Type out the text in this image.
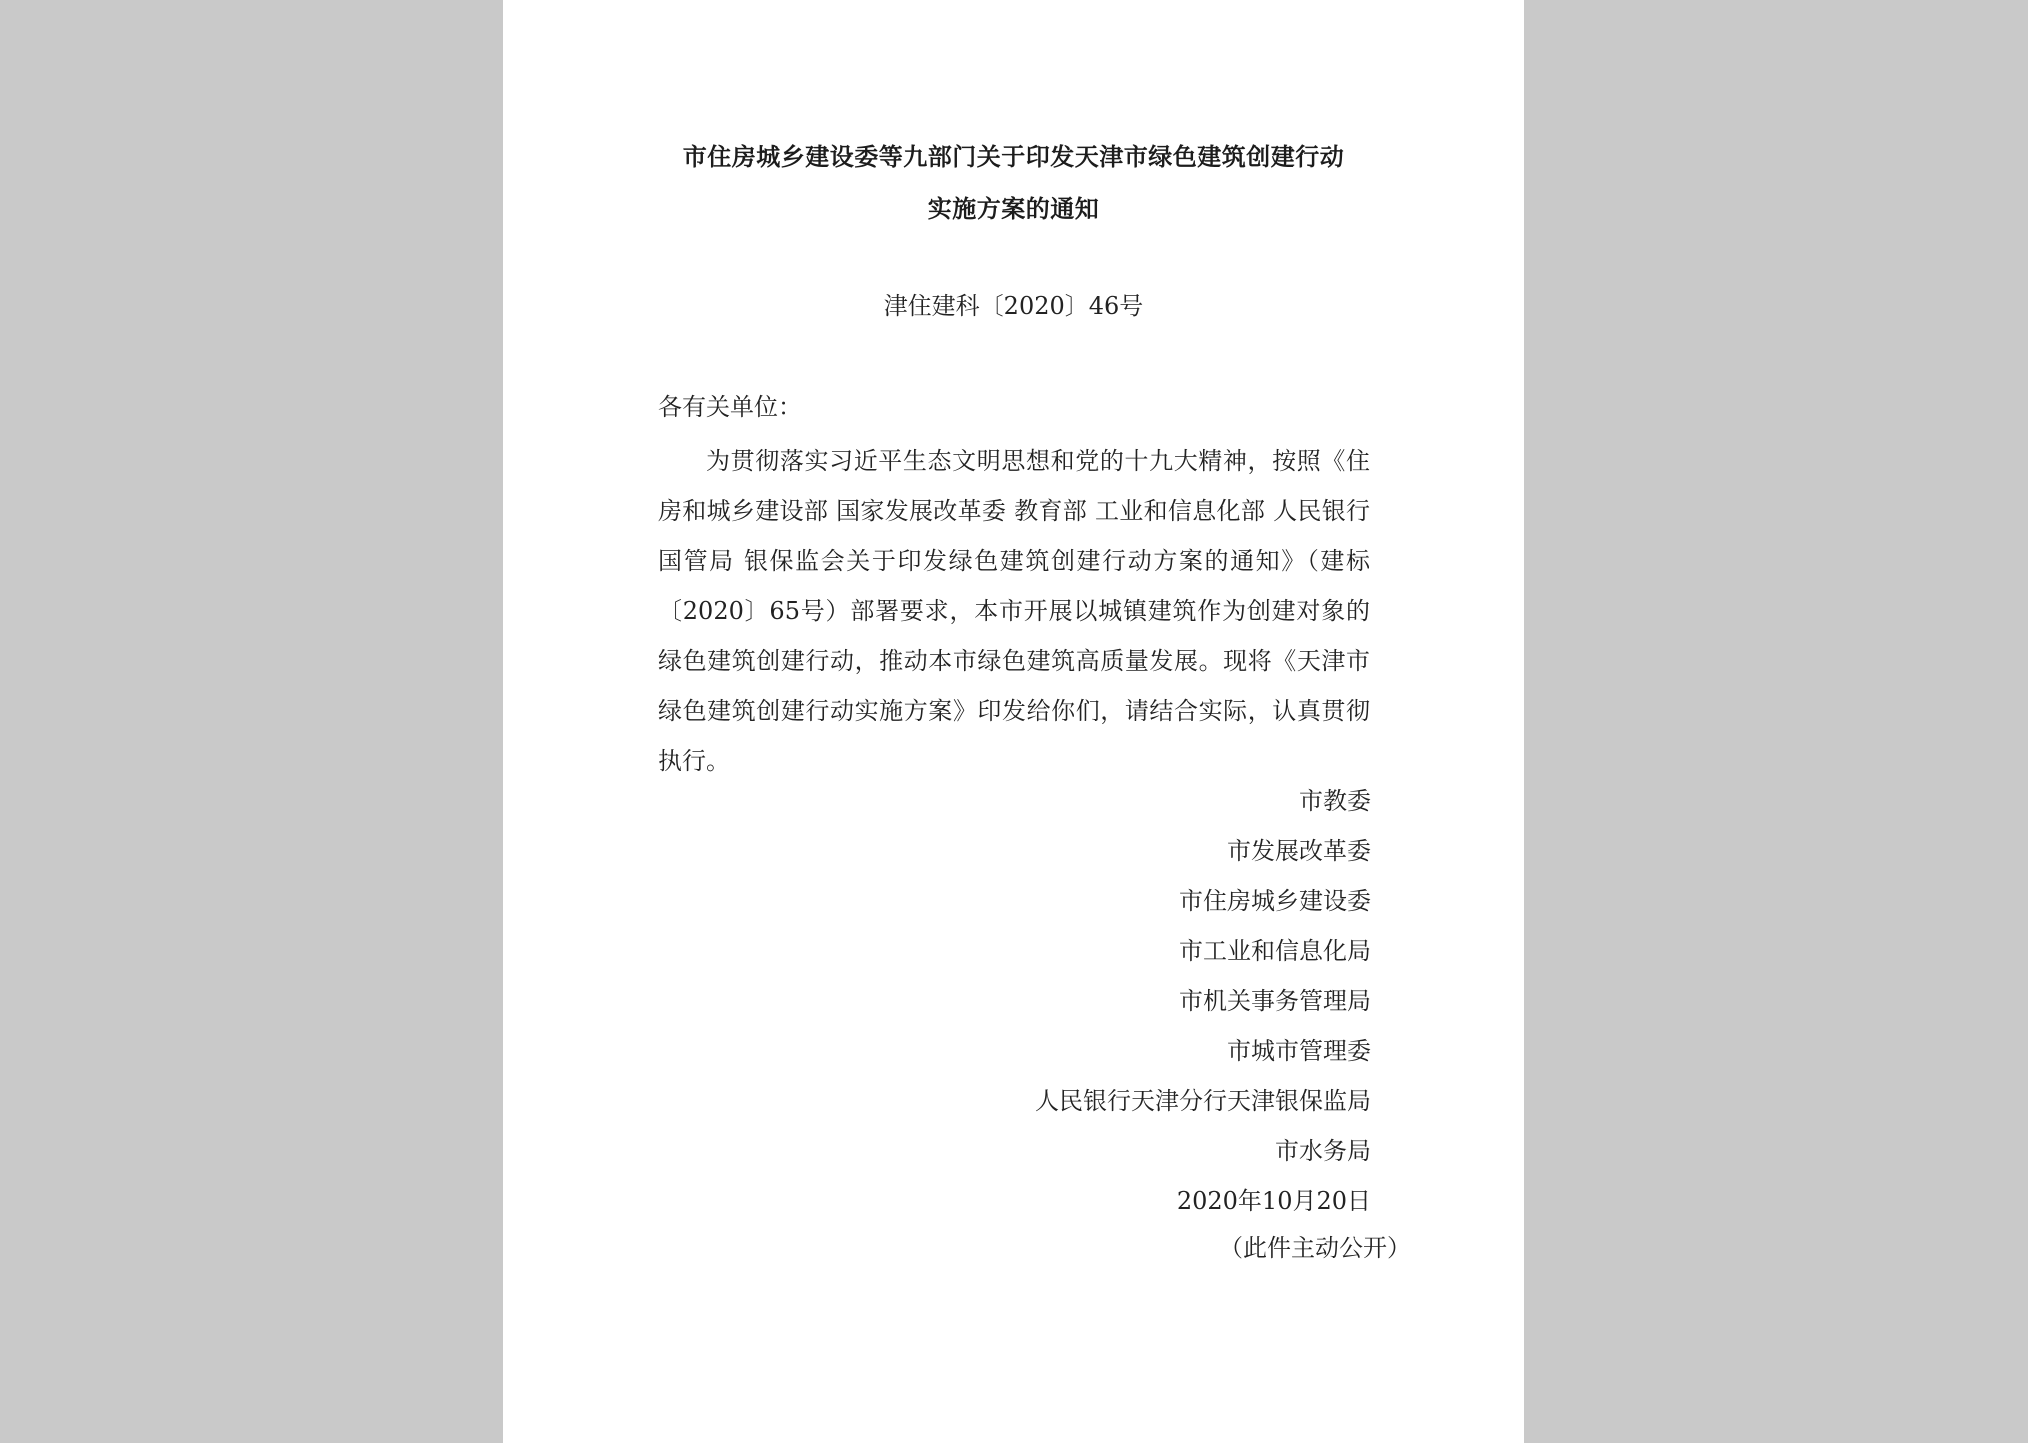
市住房城乡建设委等九部门关于印发天津市绿色建筑创建行动
实施方案的通知
津住建科〔2020〕46号
各有关单位：

为贯彻落实习近平生态文明思想和党的十九大精神，按照《住房和城乡建设部 国家发展改革委 教育部 工业和信息化部 人民银行 国管局 银保监会关于印发绿色建筑创建行动方案的通知》（建标〔2020〕65号）部署要求，本市开展以城镇建筑作为创建对象的绿色建筑创建行动，推动本市绿色建筑高质量发展。现将《天津市绿色建筑创建行动实施方案》印发给你们，请结合实际，认真贯彻执行。

市教委
市发展改革委
市住房城乡建设委
市工业和信息化局
市机关事务管理局
市城市管理委
人民银行天津分行天津银保监局
市水务局
2020年10月20日
（此件主动公开）
